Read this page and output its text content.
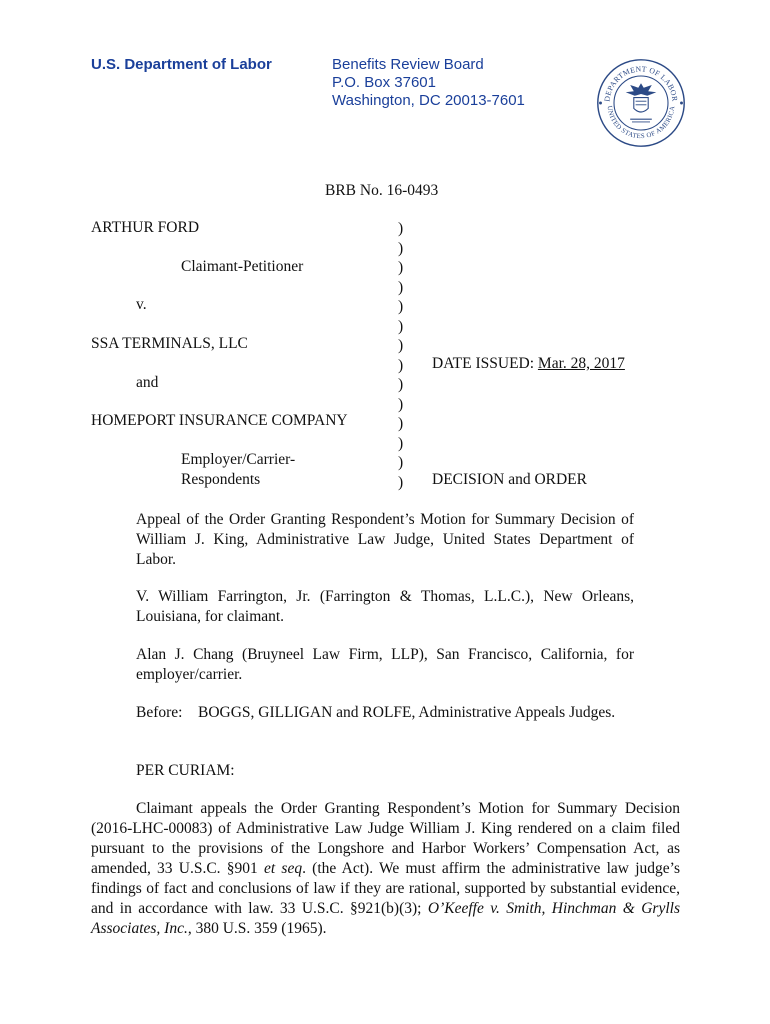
U.S. Department of Labor	Benefits Review Board
P.O. Box 37601
Washington, DC 20013-7601	DEPARTMENT OF LABOR
UNITED STATES OF AMERICA
BRB No. 16-0493
ARTHUR FORD
Claimant-Petitioner
v.
SSA TERMINALS, LLC
and
HOMEPORT INSURANCE COMPANY
Employer/Carrier-
Respondents
)
)
)
)
)
)
)
)
)
)
)
)
)
)
DATE ISSUED: Mar. 28, 2017
DECISION and ORDER
Appeal of the Order Granting Respondent’s Motion for Summary Decision of William J. King, Administrative Law Judge, United States Department of Labor.
V. William Farrington, Jr. (Farrington & Thomas, L.L.C.), New Orleans, Louisiana, for claimant.
Alan J. Chang (Bruyneel Law Firm, LLP), San Francisco, California, for employer/carrier.
Before: BOGGS, GILLIGAN and ROLFE, Administrative Appeals Judges.
PER CURIAM:
Claimant appeals the Order Granting Respondent’s Motion for Summary Decision (2016-LHC-00083) of Administrative Law Judge William J. King rendered on a claim filed pursuant to the provisions of the Longshore and Harbor Workers’ Compensation Act, as amended, 33 U.S.C. §901 et seq. (the Act). We must affirm the administrative law judge’s findings of fact and conclusions of law if they are rational, supported by substantial evidence, and in accordance with law. 33 U.S.C. §921(b)(3); O’Keeffe v. Smith, Hinchman & Grylls Associates, Inc., 380 U.S. 359 (1965).
